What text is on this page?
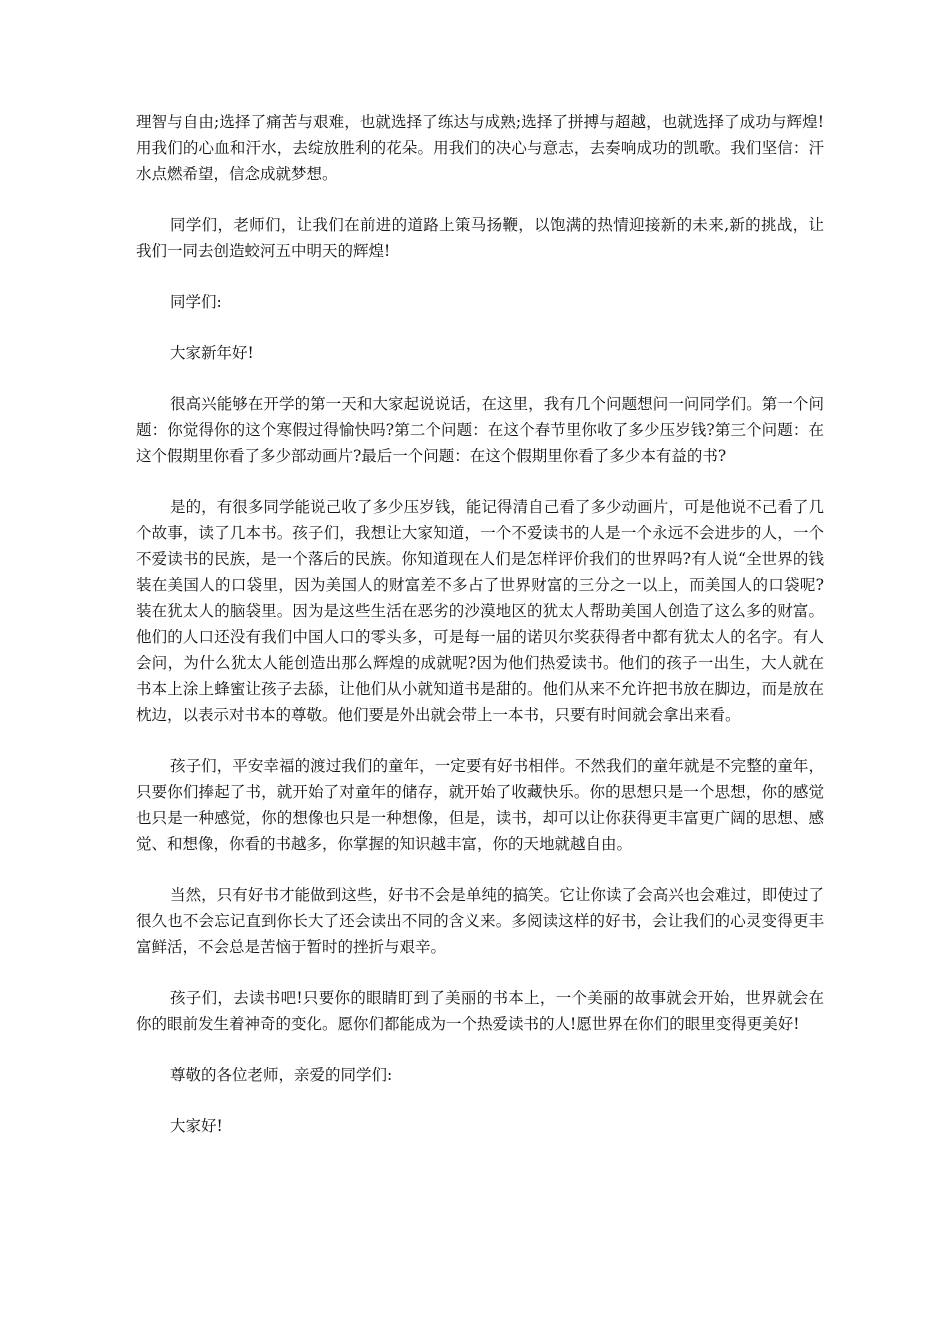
理智与自由;选择了痛苦与艰难，也就选择了练达与成熟;选择了拼搏与超越，也就选择了成功与辉煌!用我们的心血和汗水，去绽放胜利的花朵。用我们的决心与意志，去奏响成功的凯歌。我们坚信：汗水点燃希望，信念成就梦想。

同学们，老师们，让我们在前进的道路上策马扬鞭，以饱满的热情迎接新的未来,新的挑战，让我们一同去创造蛟河五中明天的辉煌!

同学们:

大家新年好!

很高兴能够在开学的第一天和大家起说说话，在这里，我有几个问题想问一问同学们。第一个问题：你觉得你的这个寒假过得愉快吗?第二个问题：在这个春节里你收了多少压岁钱?第三个问题：在这个假期里你看了多少部动画片?最后一个问题：在这个假期里你看了多少本有益的书?

是的，有很多同学能说己收了多少压岁钱，能记得清自己看了多少动画片，可是他说不己看了几个故事，读了几本书。孩子们，我想让大家知道，一个不爱读书的人是一个永远不会进步的人，一个不爱读书的民族，是一个落后的民族。你知道现在人们是怎样评价我们的世界吗?有人说“全世界的钱装在美国人的口袋里，因为美国人的财富差不多占了世界财富的三分之一以上，而美国人的口袋呢?装在犹太人的脑袋里。因为是这些生活在恶劣的沙漠地区的犹太人帮助美国人创造了这么多的财富。他们的人口还没有我们中国人口的零头多，可是每一届的诺贝尔奖获得者中都有犹太人的名字。有人会问，为什么犹太人能创造出那么辉煌的成就呢?因为他们热爱读书。他们的孩子一出生，大人就在书本上涂上蜂蜜让孩子去舔，让他们从小就知道书是甜的。他们从来不允许把书放在脚边，而是放在枕边，以表示对书本的尊敬。他们要是外出就会带上一本书，只要有时间就会拿出来看。

孩子们，平安幸福的渡过我们的童年，一定要有好书相伴。不然我们的童年就是不完整的童年，只要你们捧起了书，就开始了对童年的储存，就开始了收藏快乐。你的思想只是一个思想，你的感觉也只是一种感觉，你的想像也只是一种想像，但是，读书，却可以让你获得更丰富更广阔的思想、感觉、和想像，你看的书越多，你掌握的知识越丰富，你的天地就越自由。

当然，只有好书才能做到这些，好书不会是单纯的搞笑。它让你读了会高兴也会难过，即使过了很久也不会忘记直到你长大了还会读出不同的含义来。多阅读这样的好书，会让我们的心灵变得更丰富鲜活，不会总是苦恼于暂时的挫折与艰辛。

孩子们，去读书吧!只要你的眼睛盯到了美丽的书本上，一个美丽的故事就会开始，世界就会在你的眼前发生着神奇的变化。愿你们都能成为一个热爱读书的人!愿世界在你们的眼里变得更美好!

尊敬的各位老师，亲爱的同学们:

大家好!
